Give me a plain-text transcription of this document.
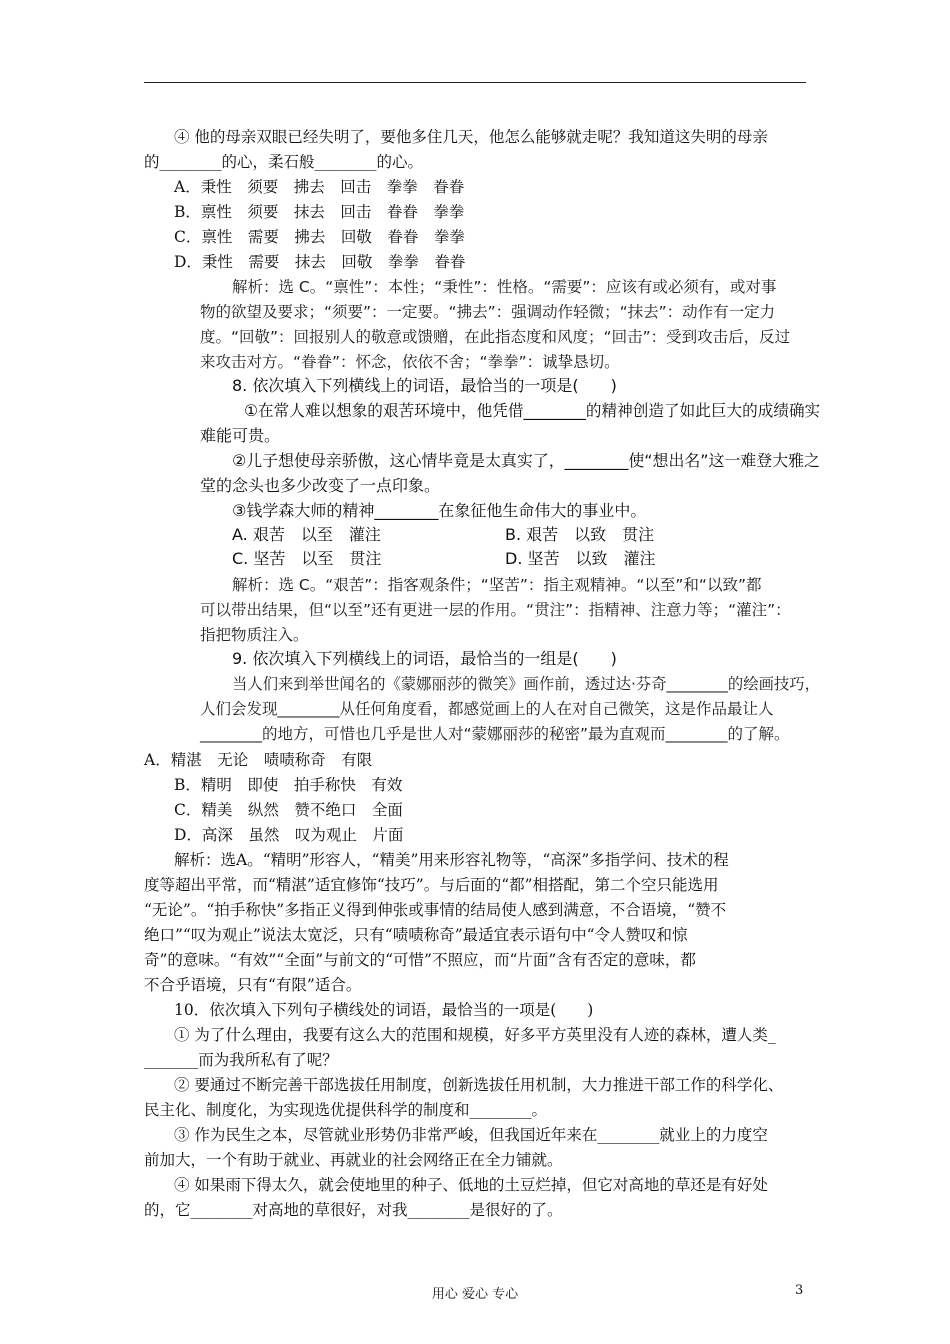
④ 他的母亲双眼已经失明了，要他多住几天，他怎么能够就走呢？我知道这失明的母亲
的________的心，柔石般________的心。
A．秉性　须要　拂去　回击　拳拳　眷眷
B．禀性　须要　抹去　回击　眷眷　拳拳
C．禀性　需要　拂去　回敬　眷眷　拳拳
D．秉性　需要　抹去　回敬　拳拳　眷眷
解析：选 C。“禀性”：本性；“秉性”：性格。“需要”：应该有或必须有，或对事
物的欲望及要求；“须要”：一定要。“拂去”：强调动作轻微；“抹去”：动作有一定力
度。“回敬”：回报别人的敬意或馈赠，在此指态度和风度；“回击”：受到攻击后，反过
来攻击对方。“眷眷”：怀念，依依不舍；“拳拳”：诚挚恳切。
8. 依次填入下列横线上的词语，最恰当的一项是(　　)
①在常人难以想象的艰苦环境中，他凭借________的精神创造了如此巨大的成绩确实
难能可贵。
②儿子想使母亲骄傲，这心情毕竟是太真实了，________使“想出名”这一难登大雅之
堂的念头也多少改变了一点印象。
③钱学森大师的精神________在象征他生命伟大的事业中。
A. 艰苦　以至　灌注	B. 艰苦　以致　贯注
C. 坚苦　以至　贯注	D. 坚苦　以致　灌注
解析：选 C。“艰苦”：指客观条件；“坚苦”：指主观精神。“以至”和“以致”都
可以带出结果，但“以至”还有更进一层的作用。“贯注”：指精神、注意力等；“灌注”：
指把物质注入。
9. 依次填入下列横线上的词语，最恰当的一组是(　　)
当人们来到举世闻名的《蒙娜丽莎的微笑》画作前，透过达·芬奇________的绘画技巧，
人们会发现________从任何角度看，都感觉画上的人在对自己微笑，这是作品最让人
________的地方，可惜也几乎是世人对“蒙娜丽莎的秘密”最为直观而________的了解。
A．精湛　无论　啧啧称奇　有限
B．精明　即使　拍手称快　有效
C．精美　纵然　赞不绝口　全面
D．高深　虽然　叹为观止　片面
解析：选A。“精明”形容人，“精美”用来形容礼物等，“高深”多指学问、技术的程
度等超出平常，而“精湛”适宜修饰“技巧”。与后面的“都”相搭配，第二个空只能选用
“无论”。“拍手称快”多指正义得到伸张或事情的结局使人感到满意，不合语境，“赞不
绝口”“叹为观止”说法太宽泛，只有“啧啧称奇”最适宜表示语句中“令人赞叹和惊
奇”的意味。“有效”“全面”与前文的“可惜”不照应，而“片面”含有否定的意味，都
不合乎语境，只有“有限”适合。
10．依次填入下列句子横线处的词语，最恰当的一项是(　　)
① 为了什么理由，我要有这么大的范围和规模，好多平方英里没有人迹的森林，遭人类_
_______而为我所私有了呢？
② 要通过不断完善干部选拔任用制度，创新选拔任用机制，大力推进干部工作的科学化、
民主化、制度化，为实现选优提供科学的制度和________。
③ 作为民生之本，尽管就业形势仍非常严峻，但我国近年来在________就业上的力度空
前加大，一个有助于就业、再就业的社会网络正在全力铺就。
④ 如果雨下得太久，就会使地里的种子、低地的土豆烂掉，但它对高地的草还是有好处
的，它________对高地的草很好，对我________是很好的了。
用心 爱心 专心	3
